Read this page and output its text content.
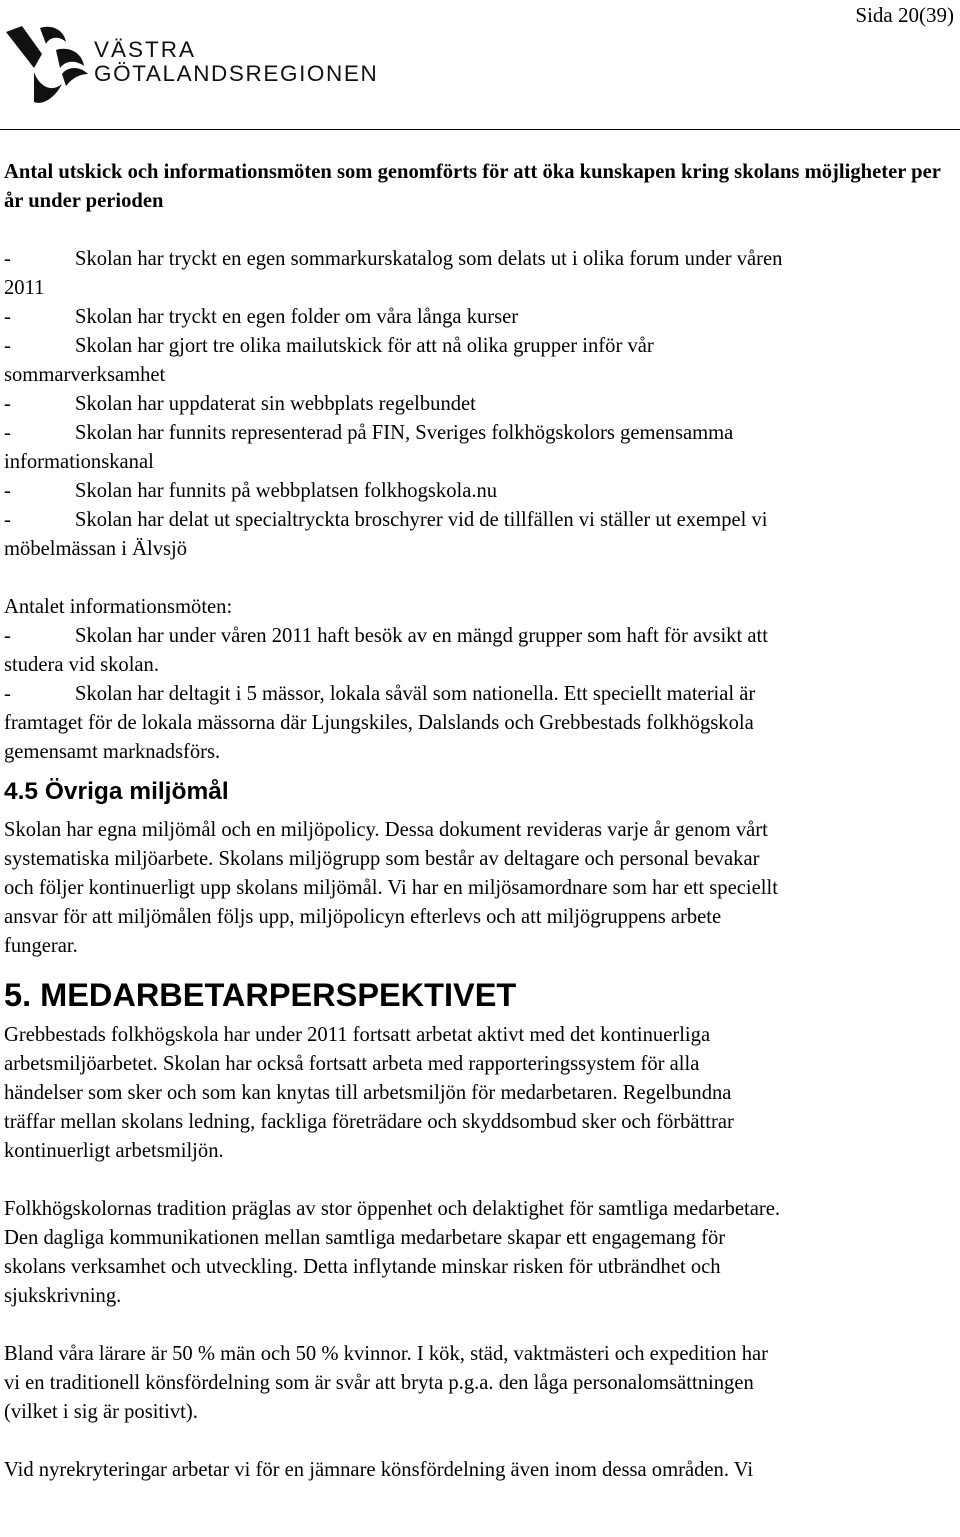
Sida 20(39)
VÄSTRA
GÖTALANDSREGIONEN

Antal utskick och informationsmöten som genomförts för att öka kunskapen kring skolans möjligheter per år under perioden

-	Skolan har tryckt en egen sommarkurskatalog som delats ut i olika forum under våren

2011

-	Skolan har tryckt en egen folder om våra långa kurser

-	Skolan har gjort tre olika mailutskick för att nå olika grupper inför vår

sommarverksamhet

-	Skolan har uppdaterat sin webbplats regelbundet

-	Skolan har funnits representerad på FIN, Sveriges folkhögskolors gemensamma

informationskanal

-	Skolan har funnits på webbplatsen folkhogskola.nu

-	Skolan har delat ut specialtryckta broschyrer vid de tillfällen vi ställer ut exempel vi

möbelmässan i Älvsjö

Antalet informationsmöten:

-	Skolan har under våren 2011 haft besök av en mängd grupper som haft för avsikt att

studera vid skolan.

-	Skolan har deltagit i 5 mässor, lokala såväl som nationella. Ett speciellt material är

framtaget för de lokala mässorna där Ljungskiles, Dalslands och Grebbestads folkhögskola

gemensamt marknadsförs.

4.5 Övriga miljömål

Skolan har egna miljömål och en miljöpolicy. Dessa dokument revideras varje år genom vårt

systematiska miljöarbete. Skolans miljögrupp som består av deltagare och personal bevakar

och följer kontinuerligt upp skolans miljömål. Vi har en miljösamordnare som har ett speciellt

ansvar för att miljömålen följs upp, miljöpolicyn efterlevs och att miljögruppens arbete

fungerar.

5. MEDARBETARPERSPEKTIVET

Grebbestads folkhögskola har under 2011 fortsatt arbetat aktivt med det kontinuerliga

arbetsmiljöarbetet. Skolan har också fortsatt arbeta med rapporteringssystem för alla

händelser som sker och som kan knytas till arbetsmiljön för medarbetaren. Regelbundna

träffar mellan skolans ledning, fackliga företrädare och skyddsombud sker och förbättrar

kontinuerligt arbetsmiljön.

Folkhögskolornas tradition präglas av stor öppenhet och delaktighet för samtliga medarbetare.

Den dagliga kommunikationen mellan samtliga medarbetare skapar ett engagemang för

skolans verksamhet och utveckling. Detta inflytande minskar risken för utbrändhet och

sjukskrivning.

Bland våra lärare är 50 % män och 50 % kvinnor. I kök, städ, vaktmästeri och expedition har

vi en traditionell könsfördelning som är svår att bryta p.g.a. den låga personalomsättningen

(vilket i sig är positivt).

Vid nyrekryteringar arbetar vi för en jämnare könsfördelning även inom dessa områden. Vi
